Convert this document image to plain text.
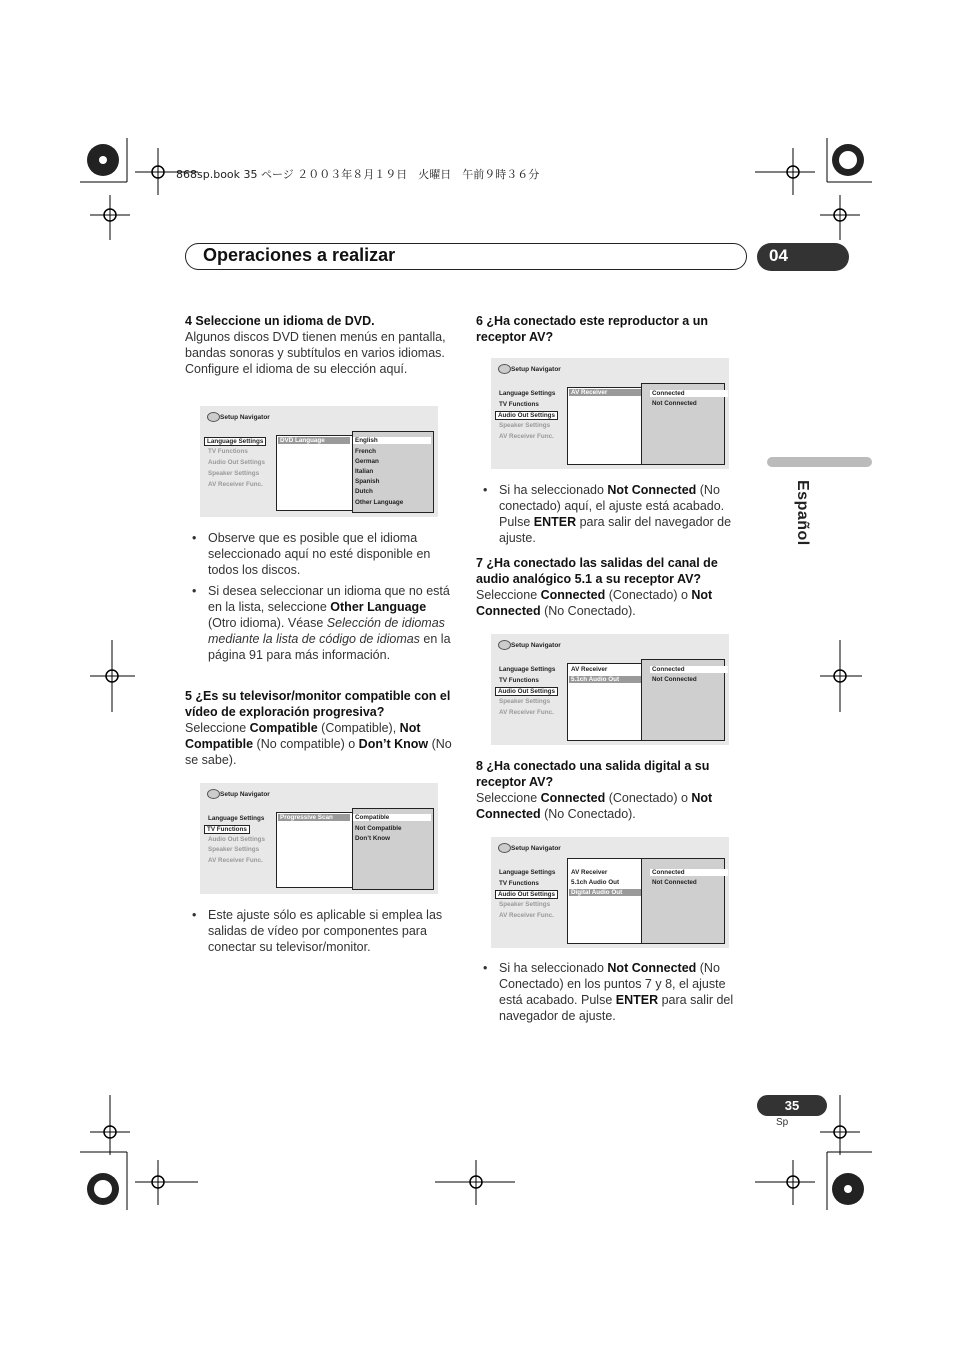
868sp.book 35 ページ ２００３年８月１９日　火曜日　午前９時３６分
Operaciones a realizar	04
Español

4 Seleccione un idioma de DVD.

Algunos discos DVD tienen menús en pantalla, bandas sonoras y subtítulos en varios idiomas. Configure el idioma de su elección aquí.

Setup Navigator
Language Settings
TV Functions
Audio Out Settings
Speaker Settings
AV Receiver Func.
DVD Language	English
French
German
Italian
Spanish
Dutch
Other Language

• Observe que es posible que el idioma seleccionado aquí no esté disponible en todos los discos.

• Si desea seleccionar un idioma que no está en la lista, seleccione Other Language (Otro idioma). Véase Selección de idiomas mediante la lista de código de idiomas en la página 91 para más información.

5 ¿Es su televisor/monitor compatible con el vídeo de exploración progresiva?

Seleccione Compatible (Compatible), Not Compatible (No compatible) o Don’t Know (No se sabe).

Setup Navigator
Language Settings
TV Functions
Audio Out Settings
Speaker Settings
AV Receiver Func.
Progressive Scan	Compatible
Not Compatible
Don’t Know

• Este ajuste sólo es aplicable si emplea las salidas de vídeo por componentes para conectar su televisor/monitor.

6 ¿Ha conectado este reproductor a un receptor AV?

Setup Navigator
Language Settings
TV Functions
Audio Out Settings
Speaker Settings
AV Receiver Func.
AV Receiver	Connected
Not Connected

• Si ha seleccionado Not Connected (No conectado) aquí, el ajuste está acabado. Pulse ENTER para salir del navegador de ajuste.

7 ¿Ha conectado las salidas del canal de audio analógico 5.1 a su receptor AV?

Seleccione Connected (Conectado) o Not Connected (No Conectado).

Setup Navigator
Language Settings
TV Functions
Audio Out Settings
Speaker Settings
AV Receiver Func.
AV Receiver
5.1ch Audio Out
Connected
Not Connected

8 ¿Ha conectado una salida digital a su receptor AV?

Seleccione Connected (Conectado) o Not Connected (No Conectado).

Setup Navigator
Language Settings
TV Functions
Audio Out Settings
Speaker Settings
AV Receiver Func.
AV Receiver
5.1ch Audio Out
Digital Audio Out
Connected
Not Connected

• Si ha seleccionado Not Connected (No Conectado) en los puntos 7 y 8, el ajuste está acabado. Pulse ENTER para salir del navegador de ajuste.

35
Sp
